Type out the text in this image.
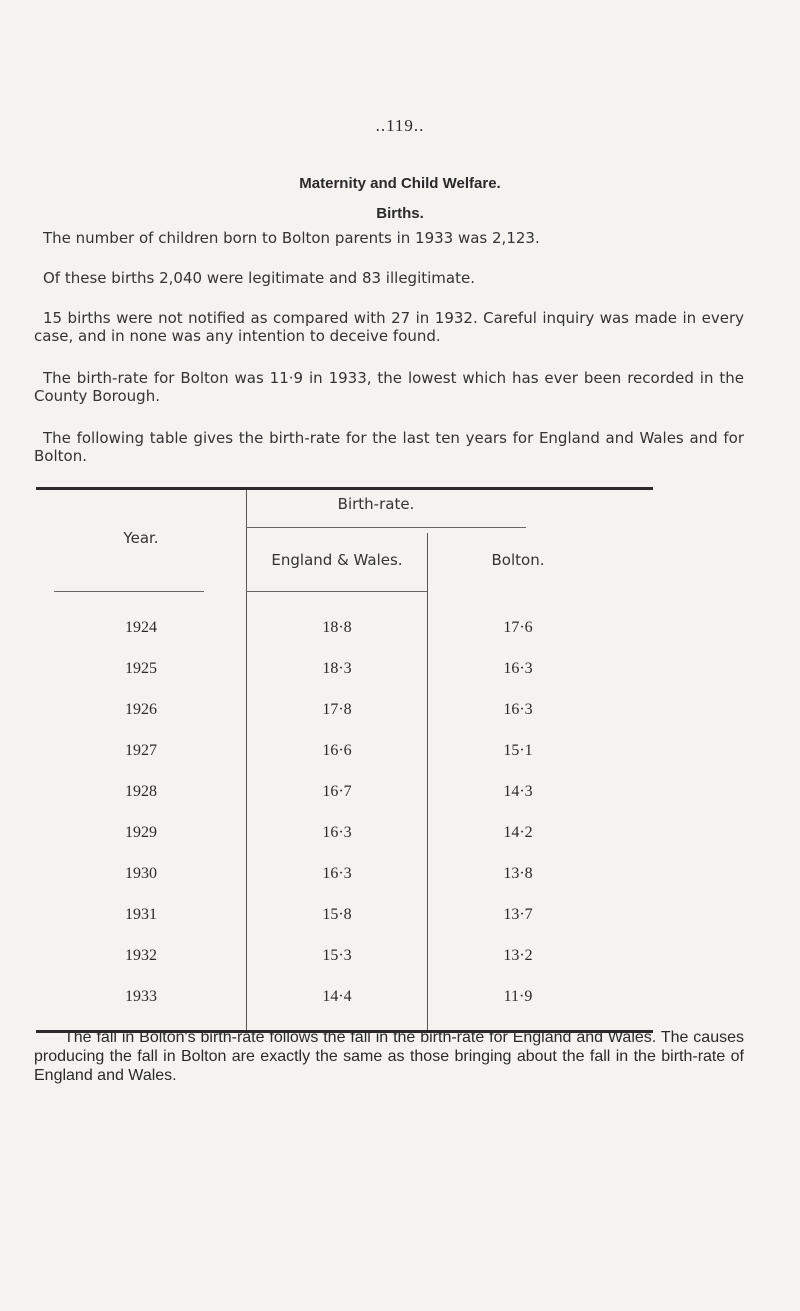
..119..
Maternity and Child Welfare.
Births.
The number of children born to Bolton parents in 1933 was 2,123.
Of these births 2,040 were legitimate and 83 illegitimate.
15 births were not notified as compared with 27 in 1932. Careful inquiry was made in every case, and in none was any intention to deceive found.
The birth-rate for Bolton was 11·9 in 1933, the lowest which has ever been recorded in the County Borough.
The following table gives the birth-rate for the last ten years for England and Wales and for Bolton.
Year.
Birth-rate.
England & Wales.	Bolton.
1924	18·8	17·6
1925	18·3	16·3
1926	17·8	16·3
1927	16·6	15·1
1928	16·7	14·3
1929	16·3	14·2
1930	16·3	13·8
1931	15·8	13·7
1932	15·3	13·2
1933	14·4	11·9
The fall in Bolton's birth-rate follows the fall in the birth-rate for England and Wales. The causes producing the fall in Bolton are exactly the same as those bringing about the fall in the birth-rate of England and Wales.
